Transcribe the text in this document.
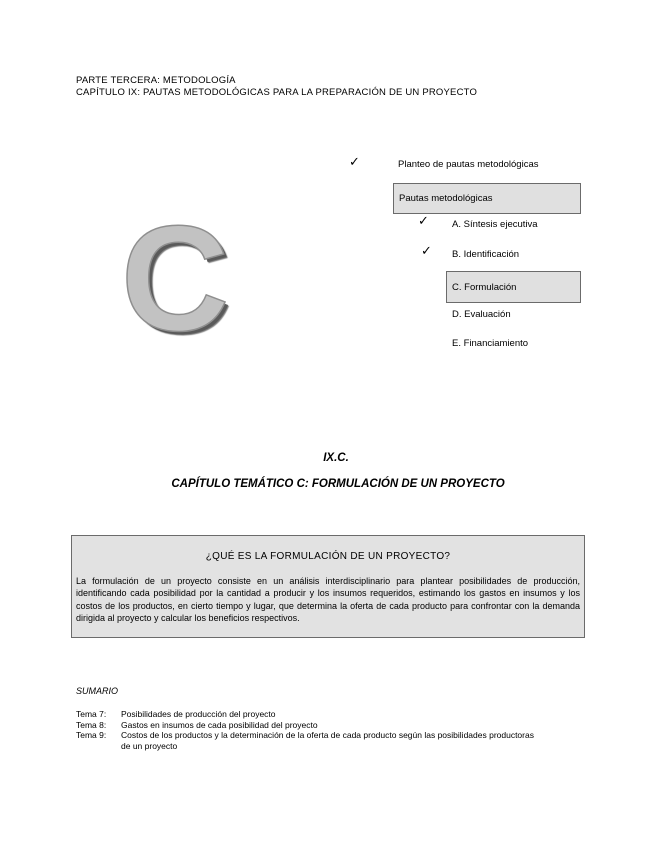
PARTE TERCERA: METODOLOGÍA
CAPÍTULO IX: PAUTAS METODOLÓGICAS PARA LA PREPARACIÓN DE UN PROYECTO
✓	Planteo de pautas metodológicas
Pautas metodológicas
✓ A. Síntesis ejecutiva
✓ B. Identificación
C. Formulación
D. Evaluación
E. Financiamiento
C
IX.C.
CAPÍTULO TEMÁTICO C: FORMULACIÓN DE UN PROYECTO
¿QUÉ ES LA FORMULACIÓN DE UN PROYECTO?
La formulación de un proyecto consiste en un análisis interdisciplinario para plantear posibilidades de producción, identificando cada posibilidad por la cantidad a producir y los insumos requeridos, estimando los gastos en insumos y los costos de los productos, en cierto tiempo y lugar, que determina la oferta de cada producto para confrontar con la demanda dirigida al proyecto y calcular los beneficios respectivos.
SUMARIO
Tema 7:	Posibilidades de producción del proyecto
Tema 8:	Gastos en insumos de cada posibilidad del proyecto
Tema 9:	Costos de los productos y la determinación de la oferta de cada producto según las posibilidades productoras de un proyecto
